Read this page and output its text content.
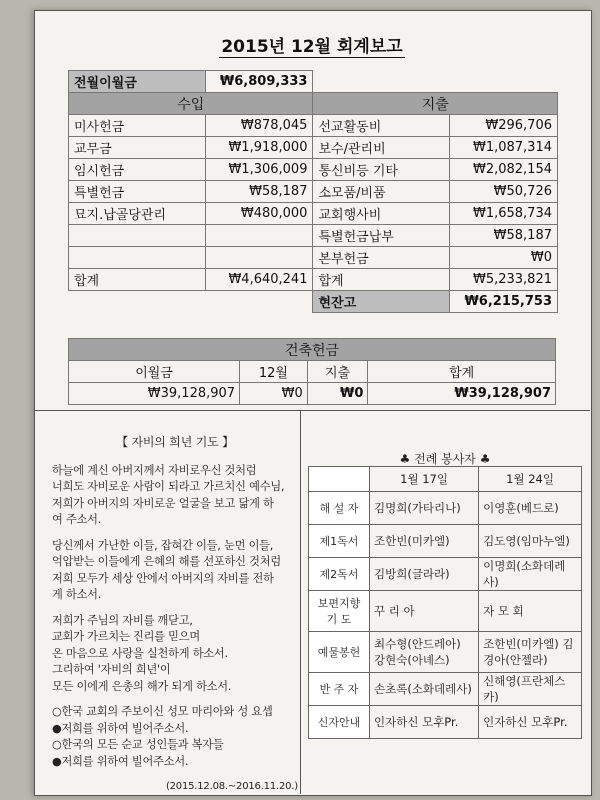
2015년 12월 회계보고
전월이월금	₩6,809,333		
수입		지출	
미사헌금	₩878,045	선교활동비	₩296,706
교무금	₩1,918,000	보수/관리비	₩1,087,314
임시헌금	₩1,306,009	통신비등 기타	₩2,082,154
특별헌금	₩58,187	소모품/비품	₩50,726
묘지.납골당관리	₩480,000	교회행사비	₩1,658,734
		특별헌금납부	₩58,187
		본부헌금	₩0
합계	₩4,640,241	합계	₩5,233,821
		현잔고	₩6,215,753
건축헌금			
이월금	12월	지출	합계
₩39,128,907	₩0	₩0	₩39,128,907
【 자비의 희년 기도 】

하늘에 계신 아버지께서 자비로우신 것처럼
너희도 자비로운 사람이 되라고 가르치신 예수님,
저희가 아버지의 자비로운 얼굴을 보고 닮게 하
여 주소서.

당신께서 가난한 이들, 잡혀간 이들, 눈먼 이들,
억압받는 이들에게 은혜의 해를 선포하신 것처럼
저희 모두가 세상 안에서 아버지의 자비를 전하
게 하소서.

저희가 주님의 자비를 깨닫고,
교회가 가르치는 진리를 믿으며
온 마음으로 사랑을 실천하게 하소서.
그리하여 '자비의 희년'이
모든 이에게 은총의 해가 되게 하소서.

○한국 교회의 주보이신 성모 마리아와 성 요셉
●저희를 위하여 빌어주소서.
○한국의 모든 순교 성인들과 복자들
●저희를 위하여 빌어주소서.

(2015.12.08.~2016.11.20.)
♣ 전례 봉사자 ♣
	1월 17일	1월 24일
해 설 자	김명희(가타리나)	이영훈(베드로)
제1독서	조한빈(미카엘)	김도영(임마누엘)
제2독서	김방희(글라라)	이명희(소화데레사)
보편지향 기 도	꾸 리 아	자 모 회
예물봉헌	최수형(안드레아) 강현숙(아녜스)	조한빈(미카엘) 김경아(안젤라)
반 주 자	손초록(소화데레사)	신해영(프란체스카)
신자안내	인자하신 모후Pr.	인자하신 모후Pr.
